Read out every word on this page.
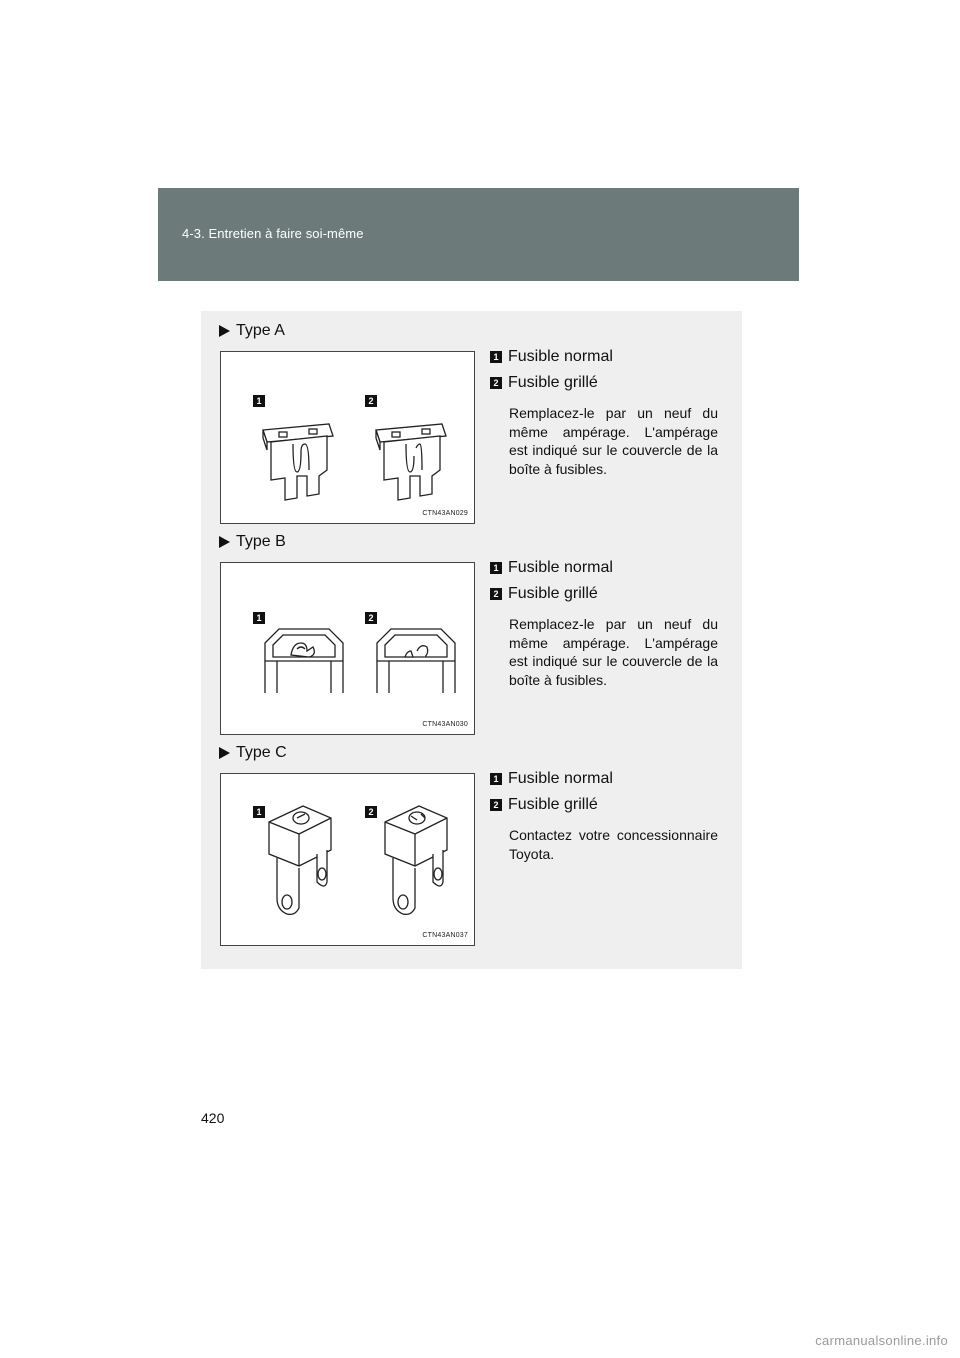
4-3. Entretien à faire soi-même
Type A
1	2
CTN43AN029
1 Fusible normal
2 Fusible grillé
Remplacez-le par un neuf du même ampérage. L'ampérage est indiqué sur le couvercle de la boîte à fusibles.
Type B
1	2
CTN43AN030
1 Fusible normal
2 Fusible grillé
Remplacez-le par un neuf du même ampérage. L'ampérage est indiqué sur le couvercle de la boîte à fusibles.
Type C
1	2
CTN43AN037
1 Fusible normal
2 Fusible grillé
Contactez votre concessionnaire Toyota.
420
carmanualsonline.info
